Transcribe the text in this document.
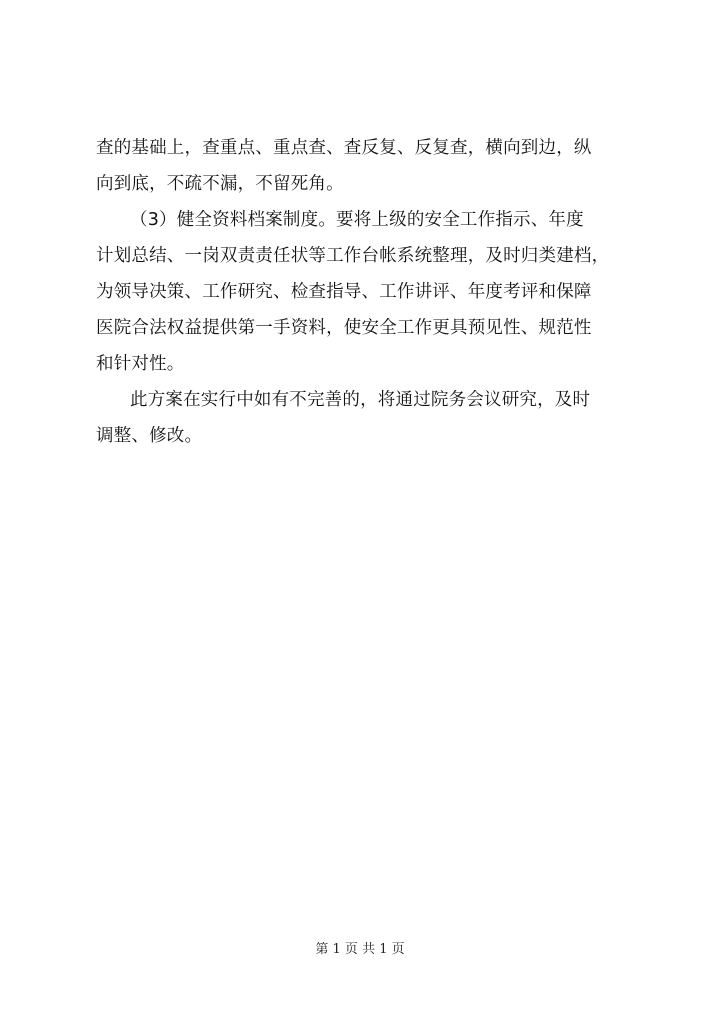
查的基础上，查重点、重点查、查反复、反复查，横向到边，纵
向到底，不疏不漏，不留死角。
（3）健全资料档案制度。要将上级的安全工作指示、年度
计划总结、一岗双责责任状等工作台帐系统整理，及时归类建档，
为领导决策、工作研究、检查指导、工作讲评、年度考评和保障
医院合法权益提供第一手资料，使安全工作更具预见性、规范性
和针对性。
此方案在实行中如有不完善的，将通过院务会议研究，及时
调整、修改。
第 1 页 共 1 页
